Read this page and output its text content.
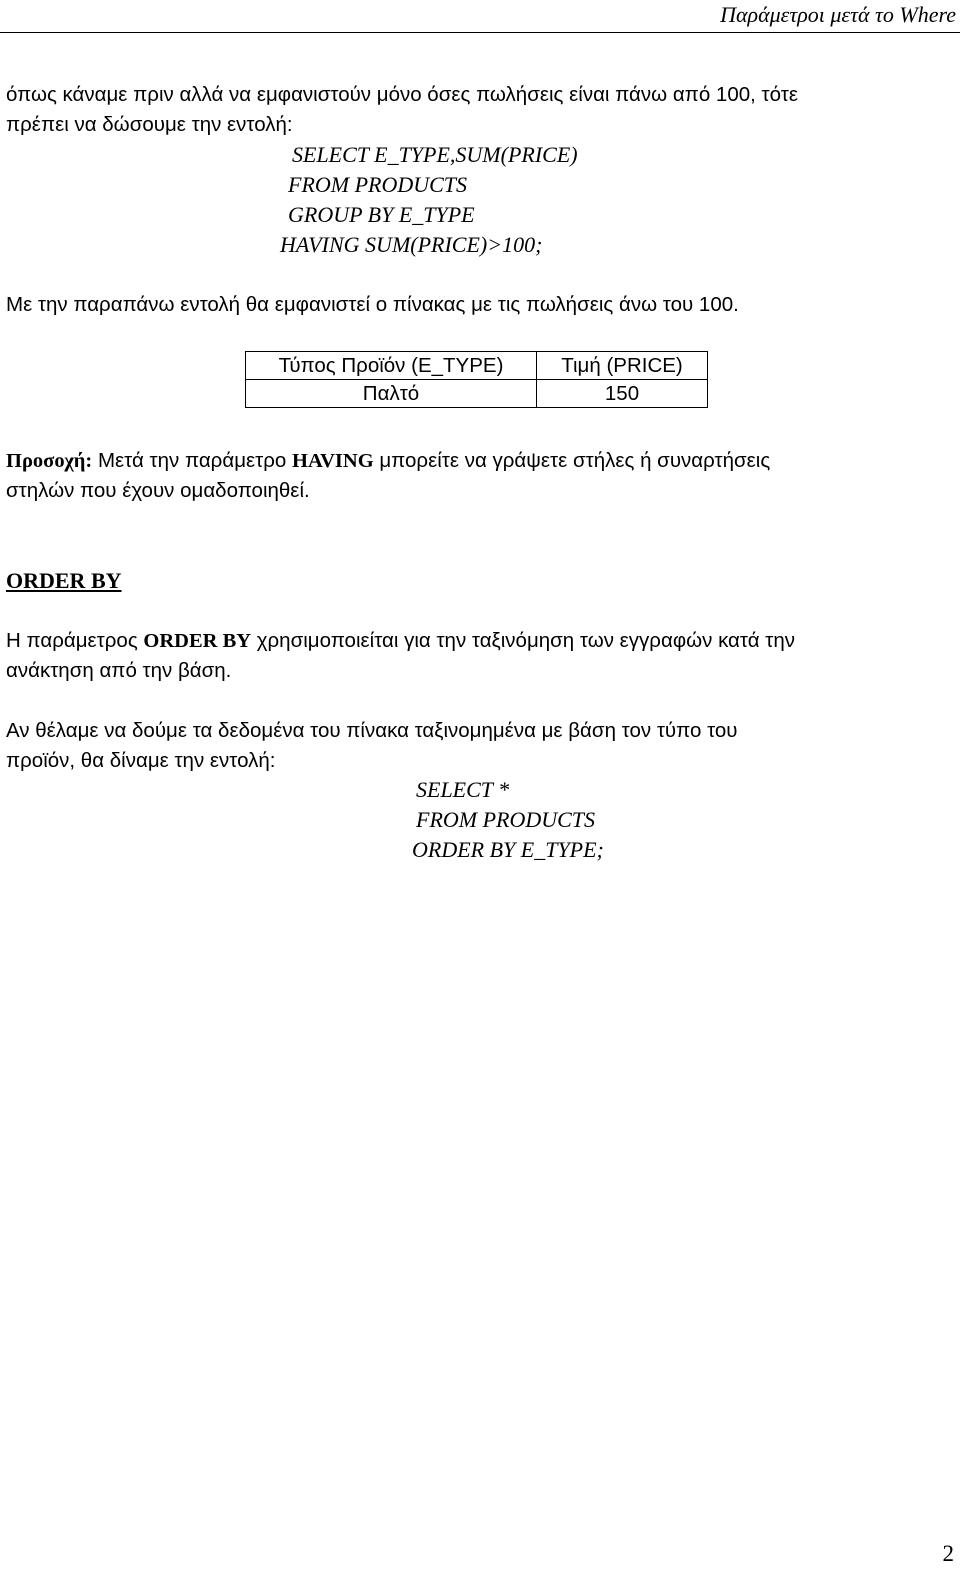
Παράμετροι μετά το Where

όπως κάναμε πριν αλλά να εμφανιστούν μόνο όσες πωλήσεις είναι πάνω από 100, τότε
πρέπει να δώσουμε την εντολή:

SELECT E_TYPE,SUM(PRICE)

FROM PRODUCTS

GROUP BY E_TYPE

HAVING SUM(PRICE)>100;

Με την παραπάνω εντολή θα εμφανιστεί ο πίνακας με τις πωλήσεις άνω του 100.

Τύπος Προϊόν (E_TYPE)	Τιμή (PRICE)
Παλτό	150

Προσοχή: Μετά την παράμετρο HAVING μπορείτε να γράψετε στήλες ή συναρτήσεις
στηλών που έχουν ομαδοποιηθεί.

ORDER BY

Η παράμετρος ORDER BY χρησιμοποιείται για την ταξινόμηση των εγγραφών κατά την
ανάκτηση από την βάση.

Αν θέλαμε να δούμε τα δεδομένα του πίνακα ταξινομημένα με βάση τον τύπο του
προϊόν, θα δίναμε την εντολή:

SELECT *

FROM PRODUCTS

ORDER BY E_TYPE;

2
